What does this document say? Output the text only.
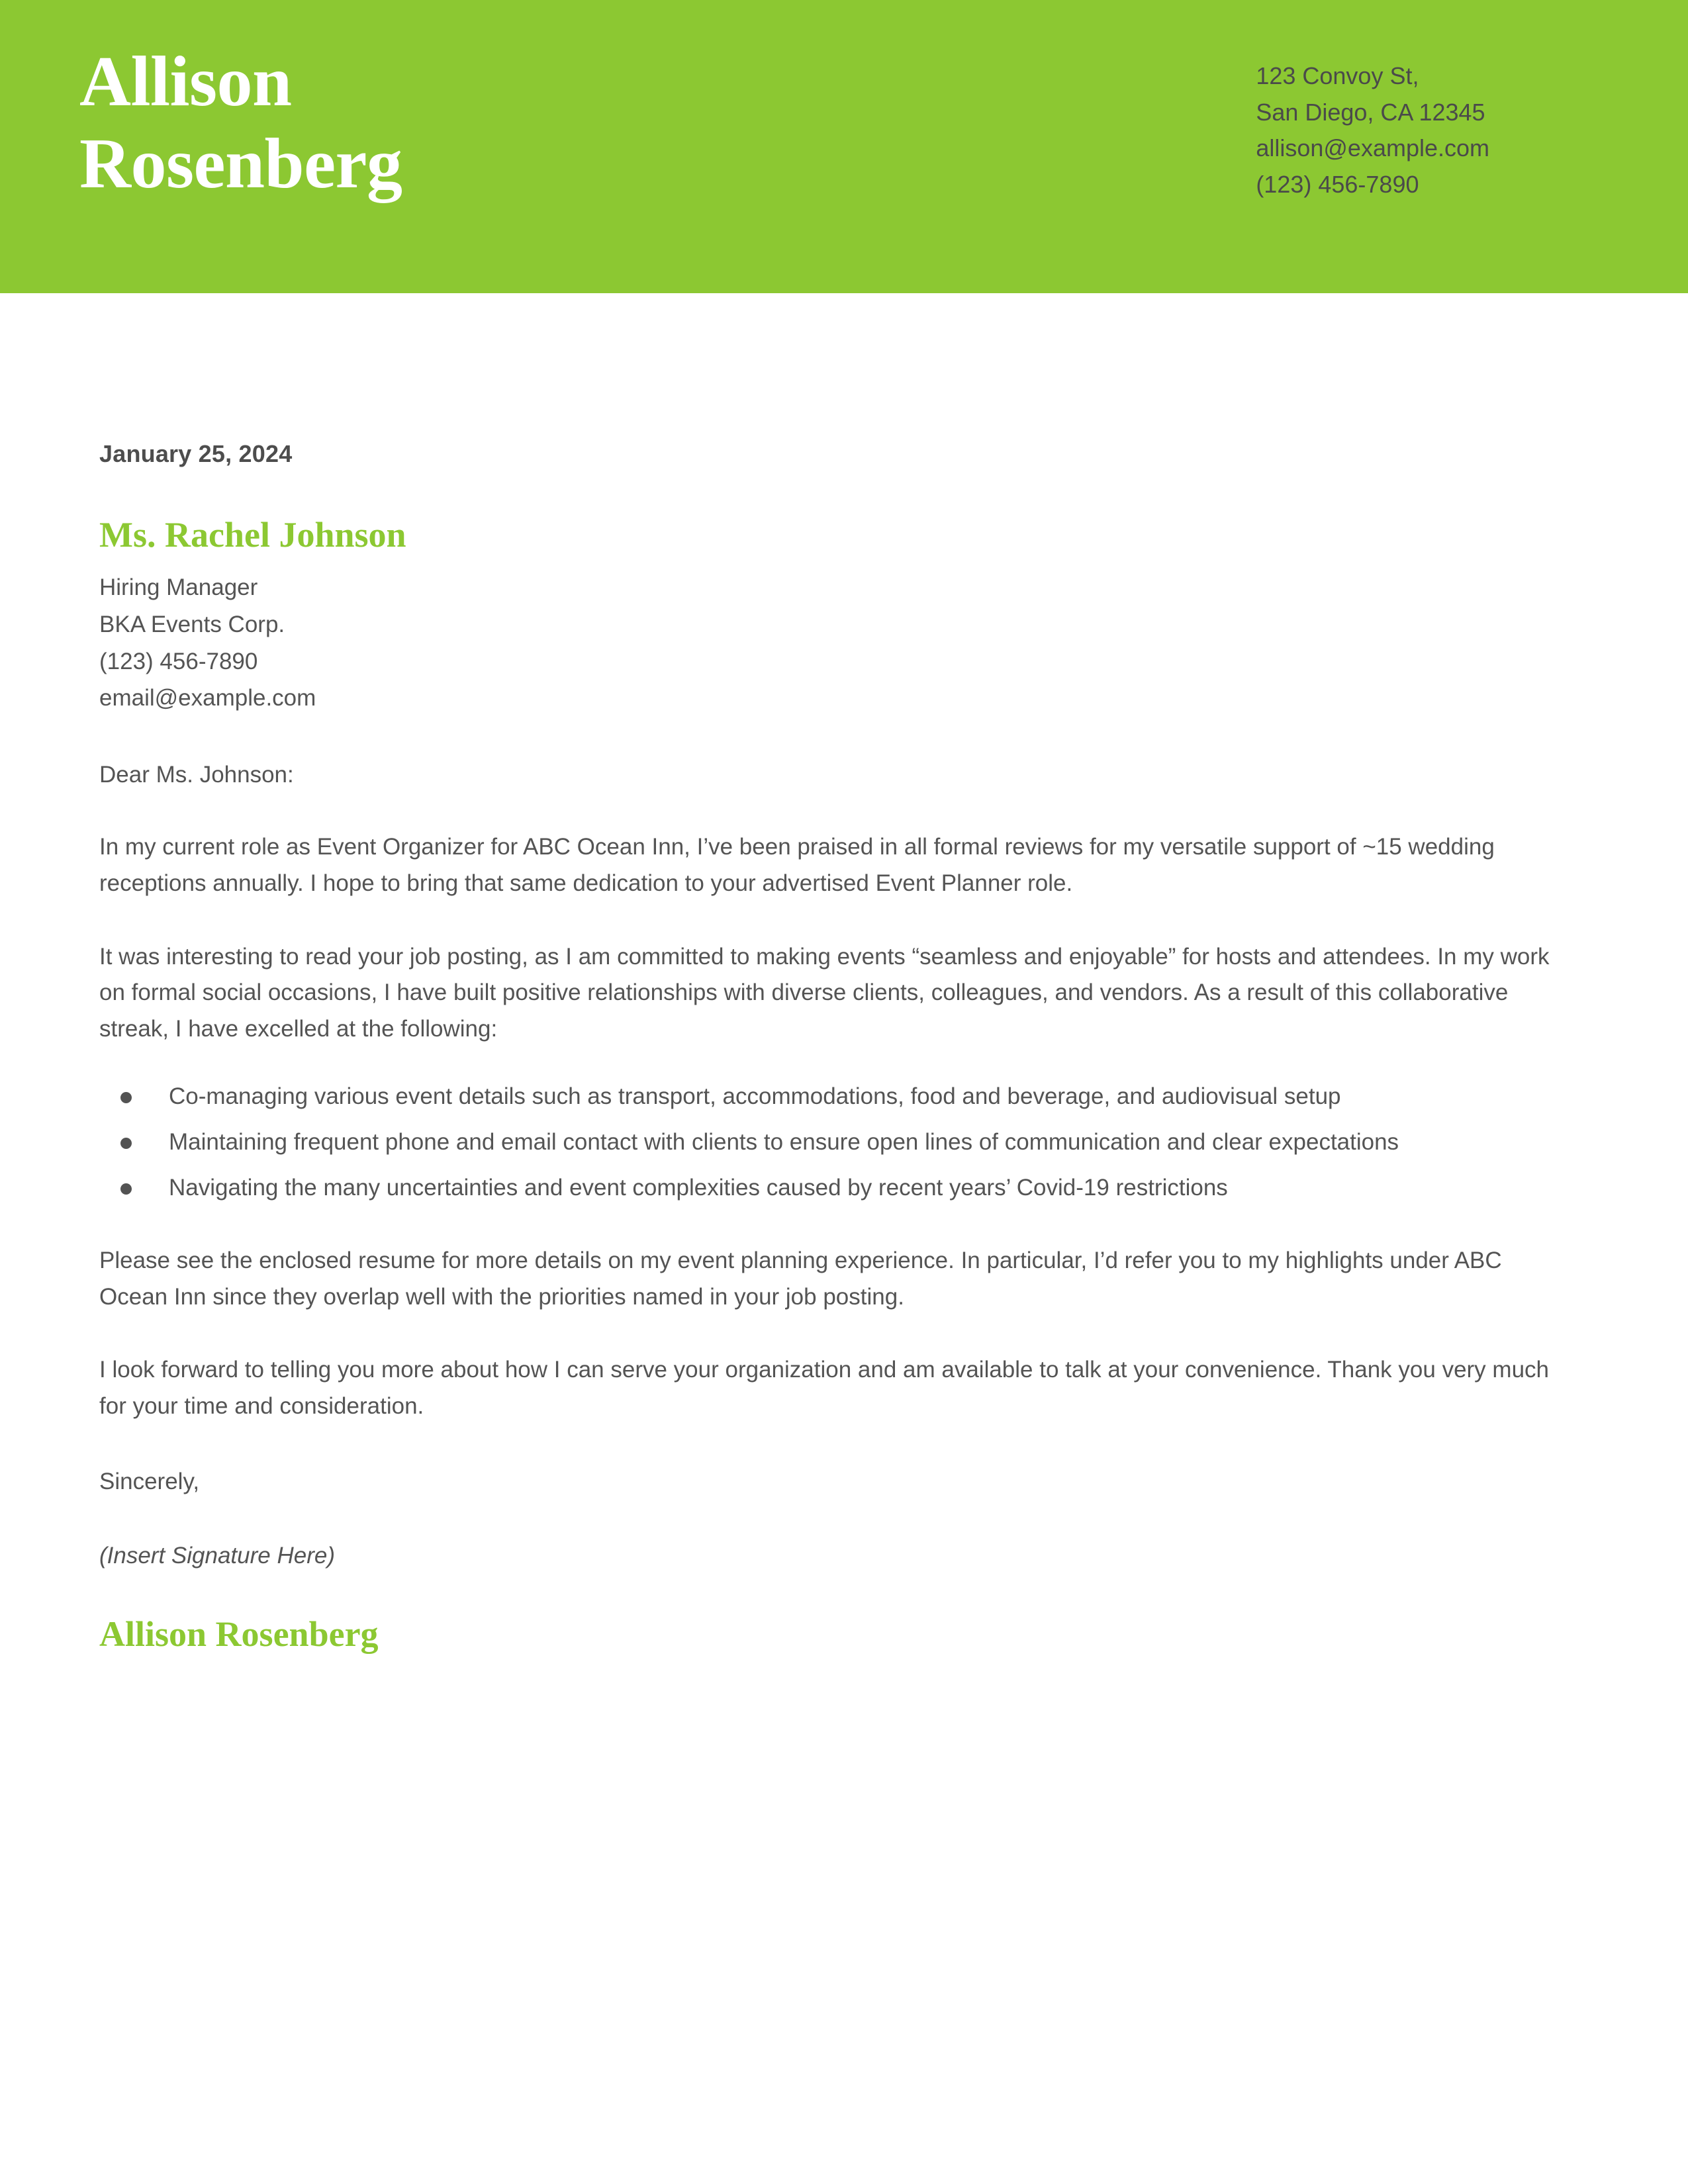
Allison
Rosenberg
123 Convoy St,
San Diego, CA 12345
allison@example.com
(123) 456-7890
January 25, 2024
Ms. Rachel Johnson
Hiring Manager
BKA Events Corp.
(123) 456-7890
email@example.com
Dear Ms. Johnson:
In my current role as Event Organizer for ABC Ocean Inn, I’ve been praised in all formal reviews for my versatile support of ~15 wedding receptions annually. I hope to bring that same dedication to your advertised Event Planner role.
It was interesting to read your job posting, as I am committed to making events “seamless and enjoyable” for hosts and attendees. In my work on formal social occasions, I have built positive relationships with diverse clients, colleagues, and vendors. As a result of this collaborative streak, I have excelled at the following:
Co-managing various event details such as transport, accommodations, food and beverage, and audiovisual setup
Maintaining frequent phone and email contact with clients to ensure open lines of communication and clear expectations
Navigating the many uncertainties and event complexities caused by recent years’ Covid-19 restrictions
Please see the enclosed resume for more details on my event planning experience. In particular, I’d refer you to my highlights under ABC Ocean Inn since they overlap well with the priorities named in your job posting.
I look forward to telling you more about how I can serve your organization and am available to talk at your convenience. Thank you very much for your time and consideration.
Sincerely,
(Insert Signature Here)
Allison Rosenberg
